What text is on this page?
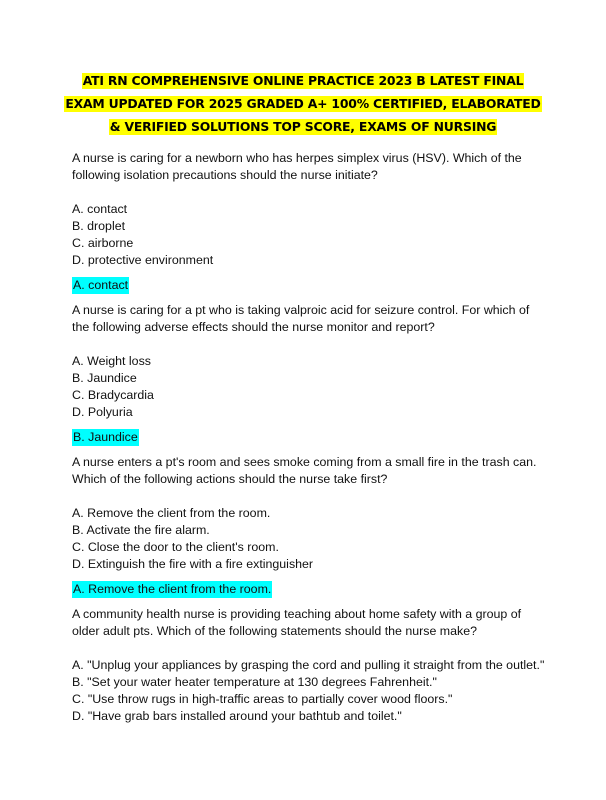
ATI RN COMPREHENSIVE ONLINE PRACTICE 2023 B LATEST FINAL
EXAM UPDATED FOR 2025 GRADED A+ 100% CERTIFIED, ELABORATED
& VERIFIED SOLUTIONS TOP SCORE, EXAMS OF NURSING

A nurse is caring for a newborn who has herpes simplex virus (HSV). Which of the following isolation precautions should the nurse initiate?

A. contact

B. droplet

C. airborne

D. protective environment

A. contact

A nurse is caring for a pt who is taking valproic acid for seizure control. For which of the following adverse effects should the nurse monitor and report?

A. Weight loss

B. Jaundice

C. Bradycardia

D. Polyuria

B. Jaundice

A nurse enters a pt's room and sees smoke coming from a small fire in the trash can. Which of the following actions should the nurse take first?

A. Remove the client from the room.

B. Activate the fire alarm.

C. Close the door to the client's room.

D. Extinguish the fire with a fire extinguisher

A. Remove the client from the room.

A community health nurse is providing teaching about home safety with a group of older adult pts. Which of the following statements should the nurse make?

A. "Unplug your appliances by grasping the cord and pulling it straight from the outlet."

B. "Set your water heater temperature at 130 degrees Fahrenheit."

C. "Use throw rugs in high-traffic areas to partially cover wood floors."

D. "Have grab bars installed around your bathtub and toilet."
